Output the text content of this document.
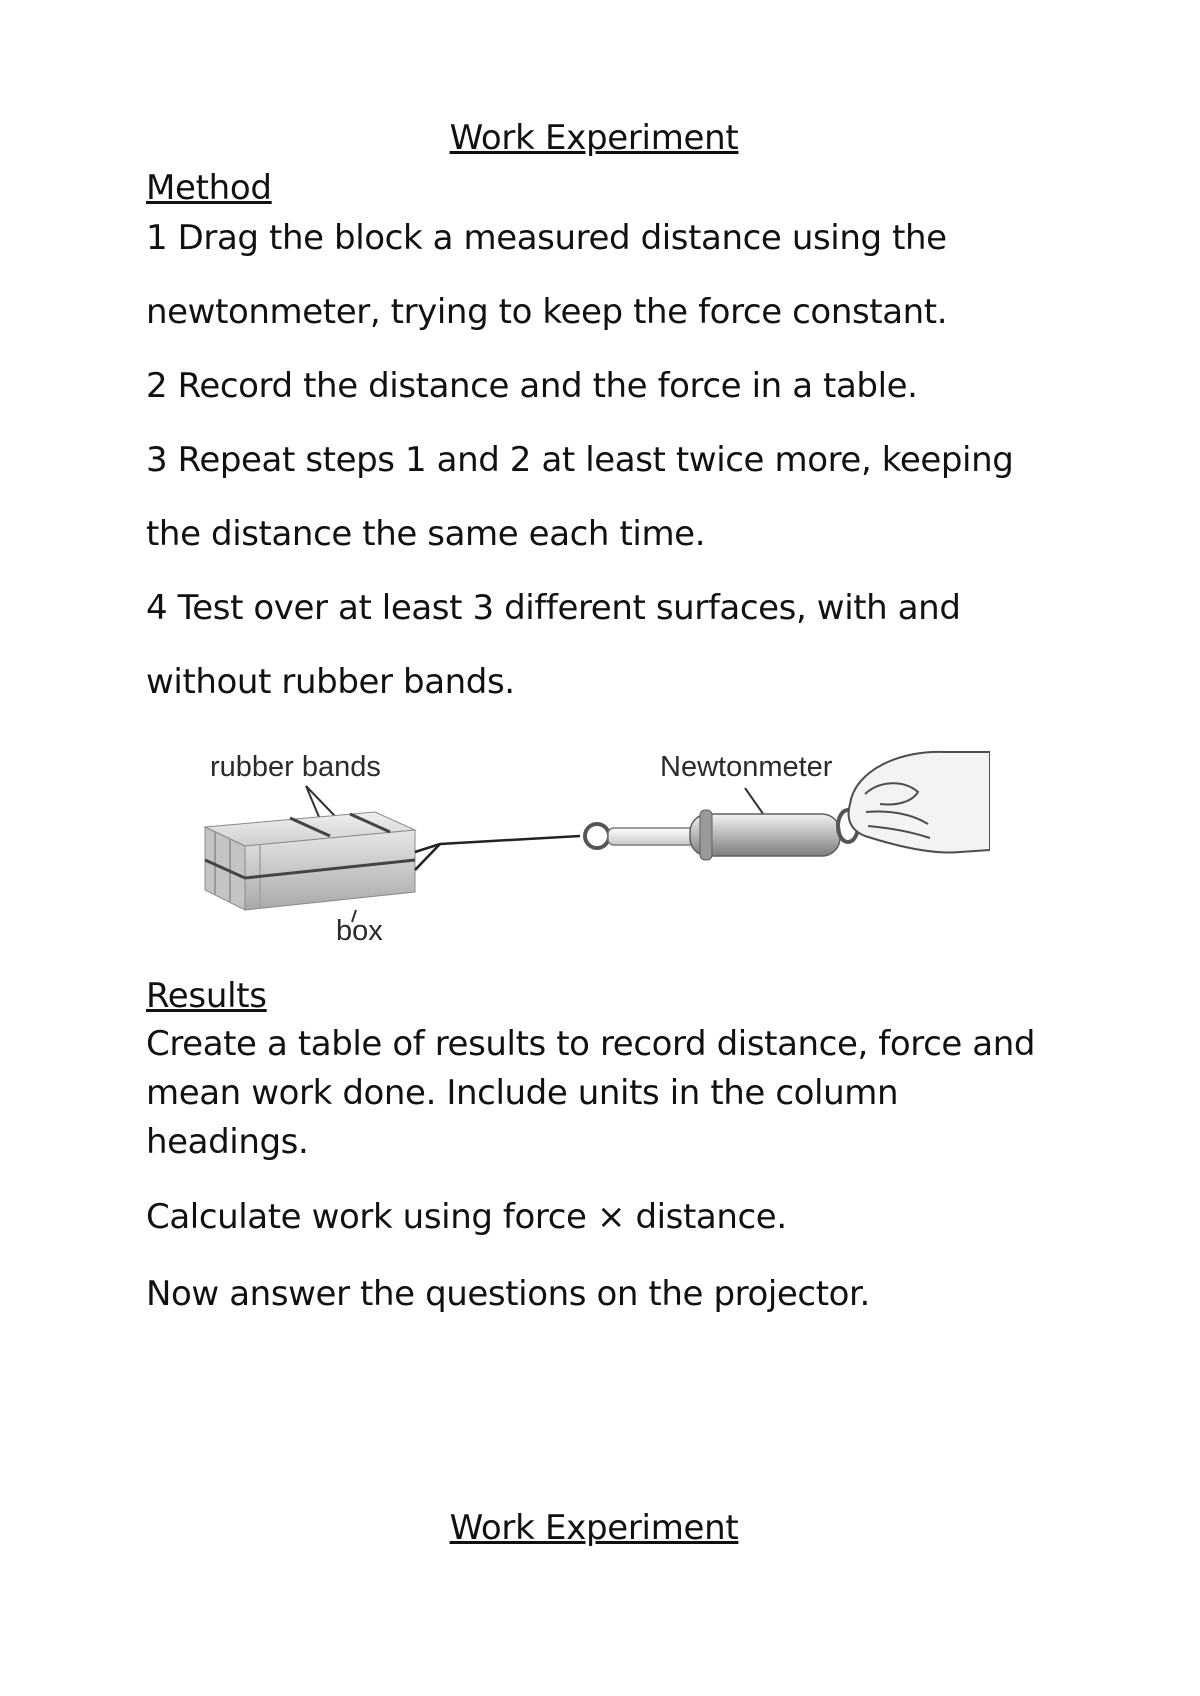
Work Experiment
Method
1 Drag the block a measured distance using the
newtonmeter, trying to keep the force constant.
2 Record the distance and the force in a table.
3 Repeat steps 1 and 2 at least twice more, keeping
the distance the same each time.
4 Test over at least 3 different surfaces, with and
without rubber bands.
rubber bands	Newtonmeter
box
Results
Create a table of results to record distance, force and
mean work done. Include units in the column
headings.
Calculate work using force × distance.
Now answer the questions on the projector.
Work Experiment
